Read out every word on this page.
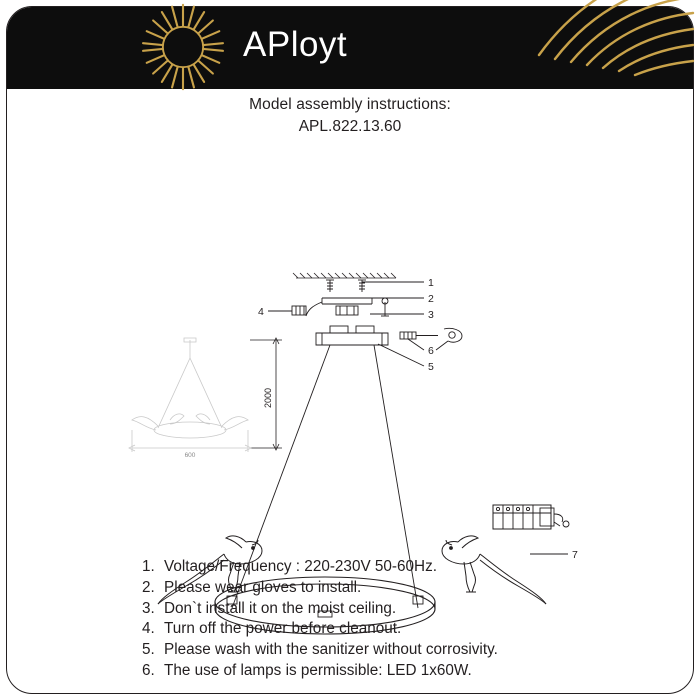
APloyt
Model assembly instructions:
APL.822.13.60
2000
600
1
2
3
4
5
6
7
1. Voltage/Frequency : 220-230V 50-60Hz.
2. Please wear gloves to install.
3. Don`t install it on the moist ceiling.
4. Turn off the power before cleanout.
5. Please wash with the sanitizer without corrosivity.
6. The use of lamps is permissible: LED 1x60W.
